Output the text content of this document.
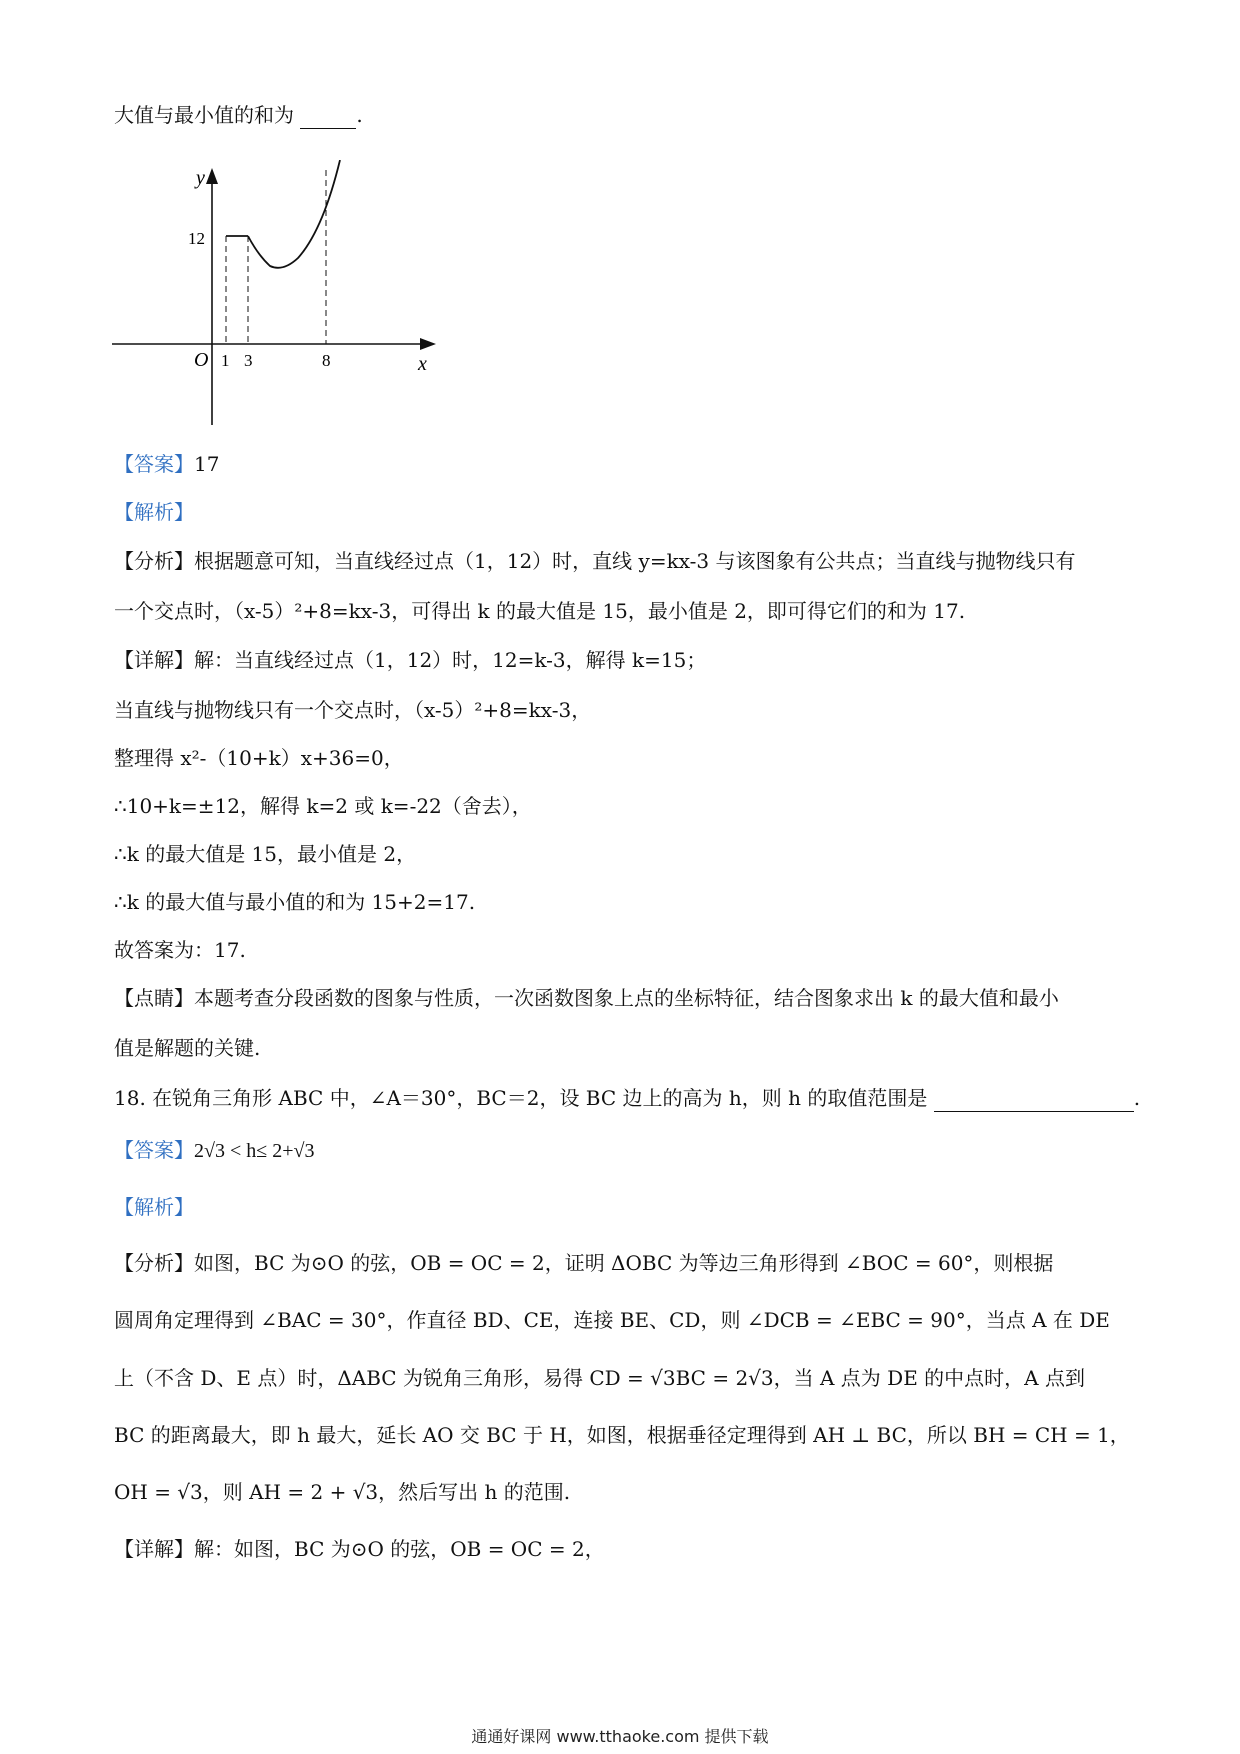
大值与最小值的和为	.
y
12
O 1 3	8	x
【答案】17
【解析】
【分析】根据题意可知，当直线经过点（1，12）时，直线 y=kx-3 与该图象有公共点；当直线与抛物线只有
一个交点时，（x-5）²+8=kx-3，可得出 k 的最大值是 15，最小值是 2，即可得它们的和为 17.
【详解】解：当直线经过点（1，12）时，12=k-3，解得 k=15；
当直线与抛物线只有一个交点时，（x-5）²+8=kx-3，
整理得 x²-（10+k）x+36=0，
∴10+k=±12，解得 k=2 或 k=-22（舍去），
∴k 的最大值是 15，最小值是 2，
∴k 的最大值与最小值的和为 15+2=17.
故答案为：17.
【点睛】本题考查分段函数的图象与性质，一次函数图象上点的坐标特征，结合图象求出 k 的最大值和最小
值是解题的关键.
18. 在锐角三角形 ABC 中，∠A＝30°，BC＝2，设 BC 边上的高为 h，则 h 的取值范围是	.
【答案】2√3 < h≤ 2+√3
【解析】
【分析】如图，BC 为⊙O 的弦，OB = OC = 2，证明 ΔOBC 为等边三角形得到 ∠BOC = 60°，则根据
圆周角定理得到 ∠BAC = 30°，作直径 BD、CE，连接 BE、CD，则 ∠DCB = ∠EBC = 90°，当点 A 在 DE
上（不含 D、E 点）时，ΔABC 为锐角三角形，易得 CD = √3BC = 2√3，当 A 点为 DE 的中点时，A 点到
BC 的距离最大，即 h 最大，延长 AO 交 BC 于 H，如图，根据垂径定理得到 AH ⊥ BC，所以 BH = CH = 1，
OH = √3，则 AH = 2 + √3，然后写出 h 的范围.
【详解】解：如图，BC 为⊙O 的弦，OB = OC = 2，
通通好课网 www.tthaoke.com 提供下载
